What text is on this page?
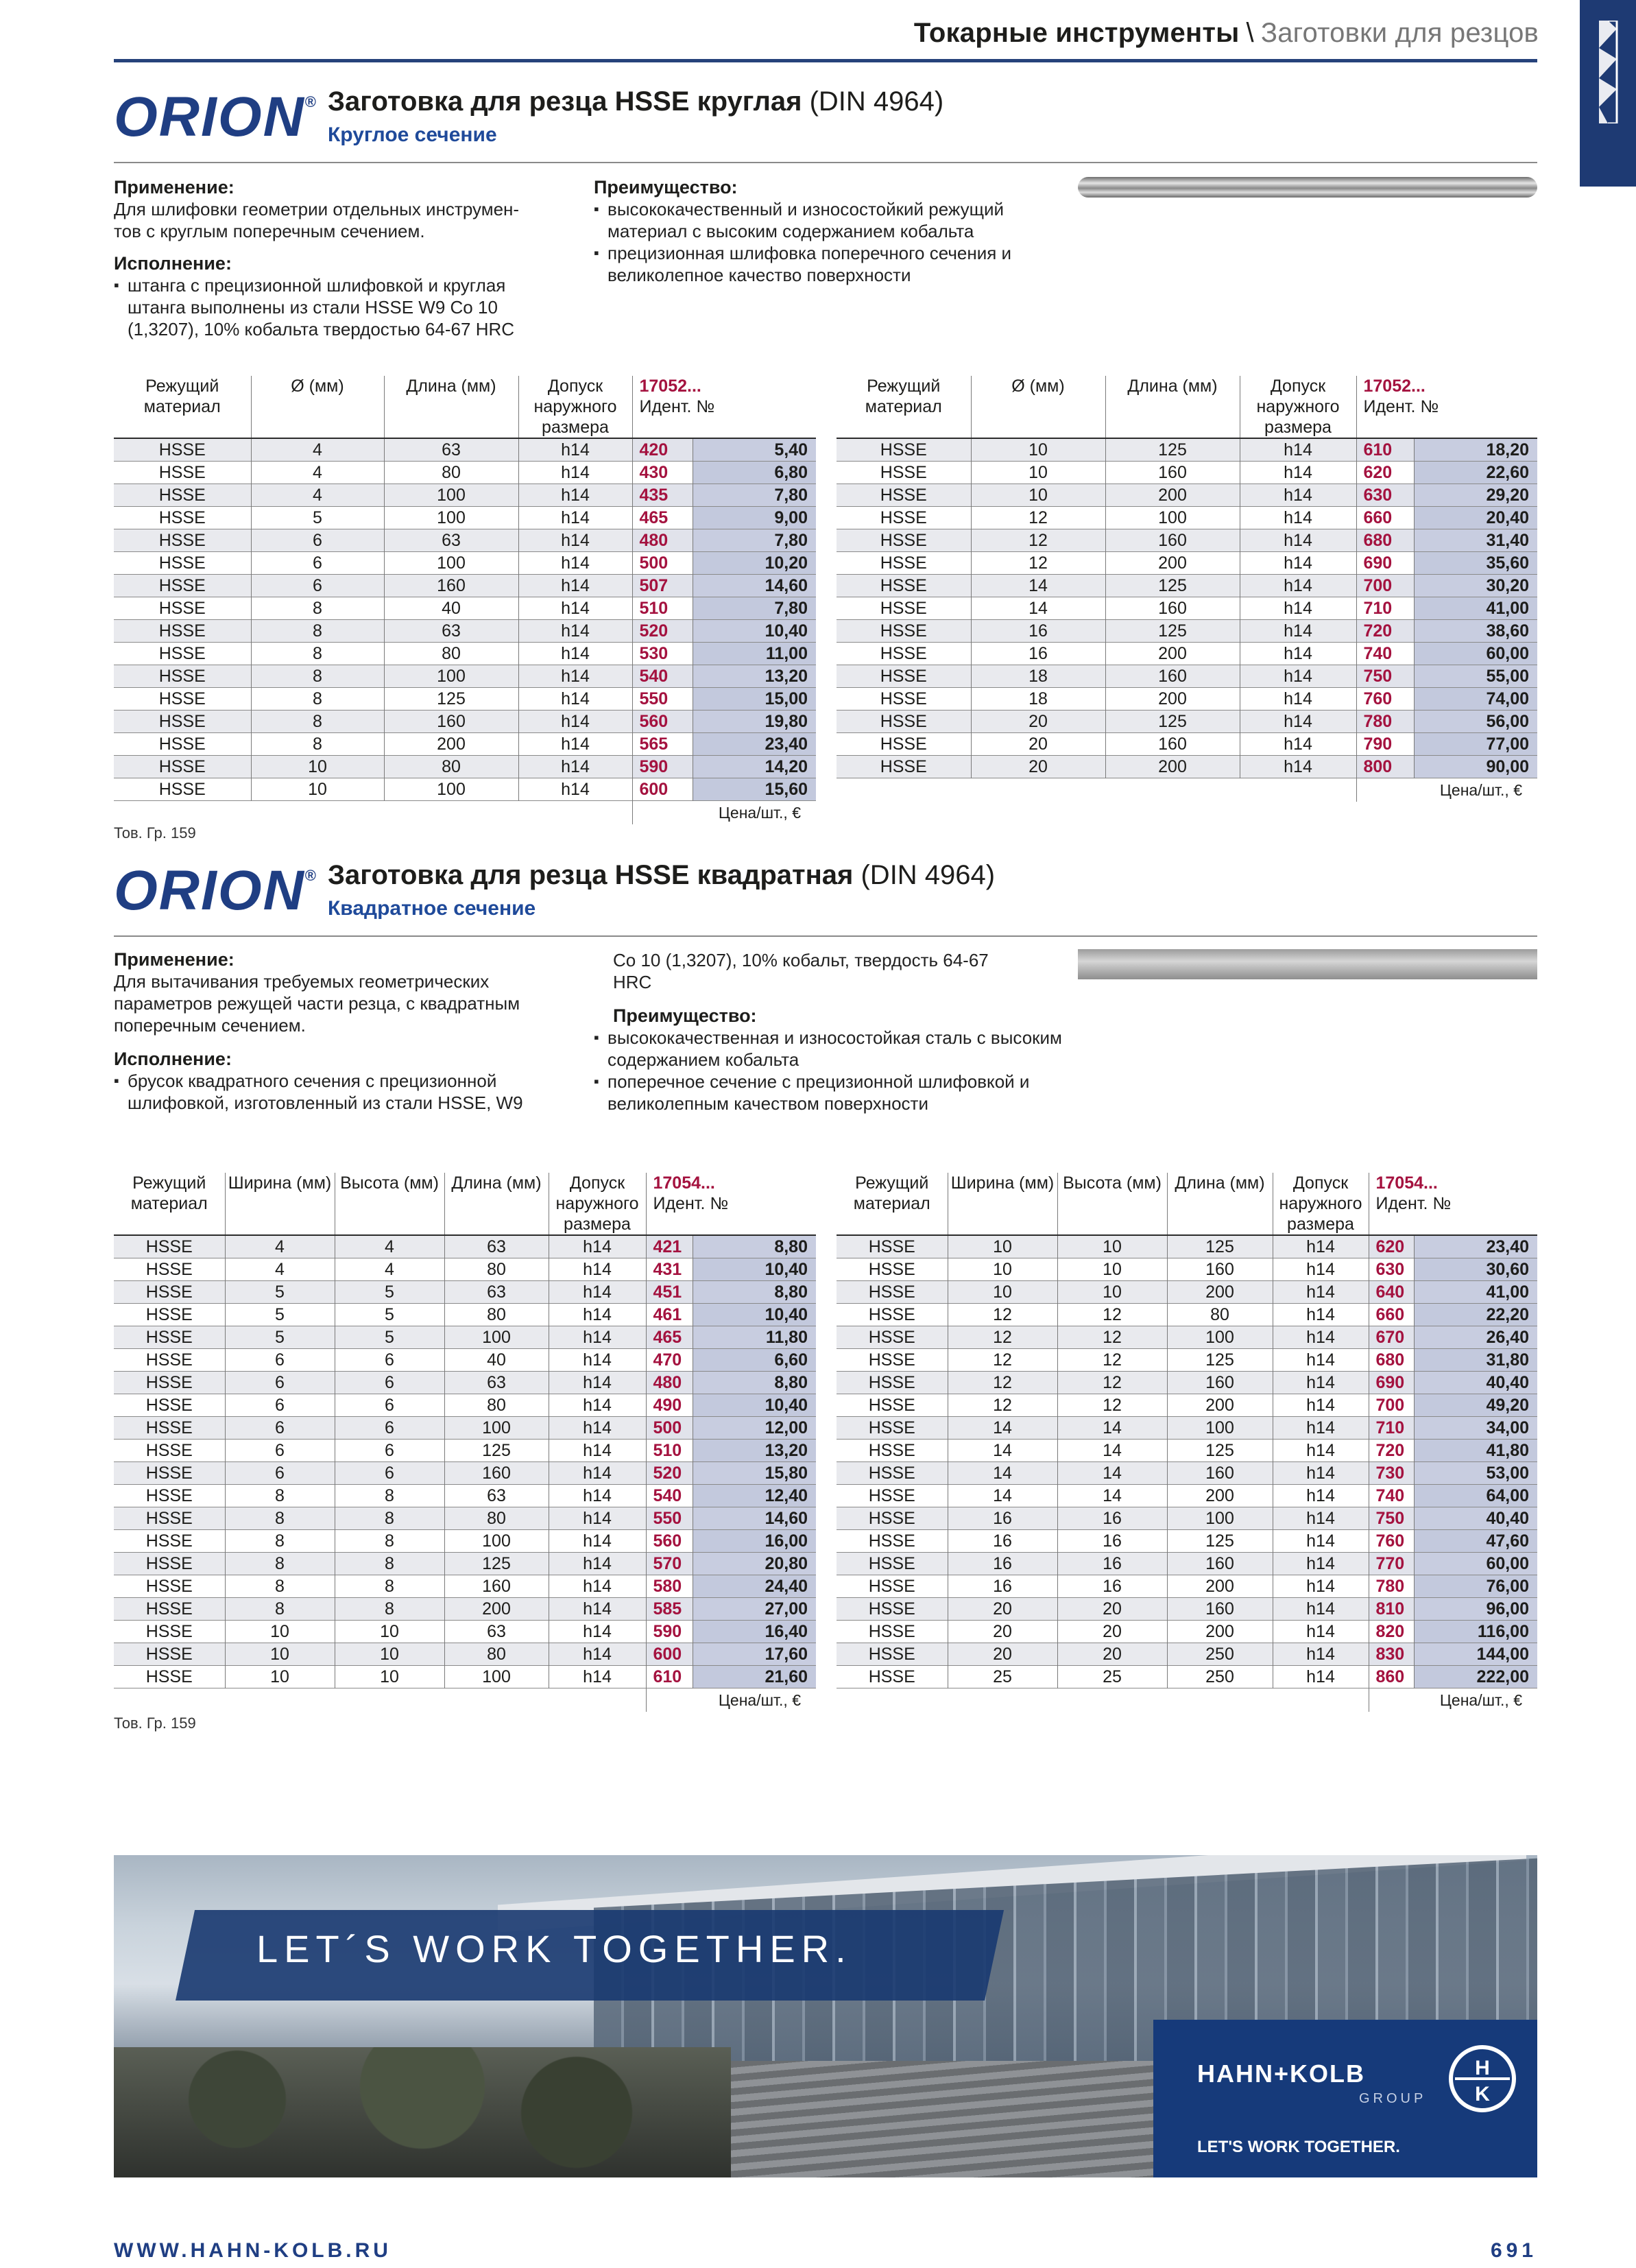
Токарные инструменты \ Заготовки для резцов
ORION® Заготовка для резца HSSE круглая (DIN 4964)
Круглое сечение
Применение:
Для шлифовки геометрии отдельных инструмен-
тов с круглым поперечным сечением.
Исполнение:
▪ штанга с прецизионной шлифовкой и круглая штанга выполнены из стали HSSE W9 Co 10 (1,3207), 10% кобальта твердостью 64-67 HRC
Преимущество:
▪ высококачественный и износостойкий режущий материал с высоким содержанием кобальта
▪ прецизионная шлифовка поперечного сечения и великолепное качество поверхности
Режущий материал	Ø (мм)	Длина (мм)	Допуск наружного размера	17052...
Идент. №	
HSSE	4	63	h14	420	5,40
HSSE	4	80	h14	430	6,80
HSSE	4	100	h14	435	7,80
HSSE	5	100	h14	465	9,00
HSSE	6	63	h14	480	7,80
HSSE	6	100	h14	500	10,20
HSSE	6	160	h14	507	14,60
HSSE	8	40	h14	510	7,80
HSSE	8	63	h14	520	10,40
HSSE	8	80	h14	530	11,00
HSSE	8	100	h14	540	13,20
HSSE	8	125	h14	550	15,00
HSSE	8	160	h14	560	19,80
HSSE	8	200	h14	565	23,40
HSSE	10	80	h14	590	14,20
HSSE	10	100	h14	600	15,60
				Цена/шт., €	
Режущий материал	Ø (мм)	Длина (мм)	Допуск наружного размера	17052...
Идент. №	
HSSE	10	125	h14	610	18,20
HSSE	10	160	h14	620	22,60
HSSE	10	200	h14	630	29,20
HSSE	12	100	h14	660	20,40
HSSE	12	160	h14	680	31,40
HSSE	12	200	h14	690	35,60
HSSE	14	125	h14	700	30,20
HSSE	14	160	h14	710	41,00
HSSE	16	125	h14	720	38,60
HSSE	16	200	h14	740	60,00
HSSE	18	160	h14	750	55,00
HSSE	18	200	h14	760	74,00
HSSE	20	125	h14	780	56,00
HSSE	20	160	h14	790	77,00
HSSE	20	200	h14	800	90,00
				Цена/шт., €	
Тов. Гр. 159
ORION® Заготовка для резца HSSE квадратная (DIN 4964)
Квадратное сечение
Применение:
Для вытачивания требуемых геометрических
параметров режущей части резца, с квадратным
поперечным сечением.
Исполнение:
▪ брусок квадратного сечения с прецизионной шлифовкой, изготовленный из стали HSSE, W9
Co 10 (1,3207), 10% кобальт, твердость 64-67
HRC
Преимущество:
▪ высококачественная и износостойкая сталь с высоким содержанием кобальта
▪ поперечное сечение с прецизионной шлифовкой и великолепным качеством поверхности
Режущий материал	Ширина (мм)	Высота (мм)	Длина (мм)	Допуск наружного размера	17054...
Идент. №	
HSSE	4	4	63	h14	421	8,80
HSSE	4	4	80	h14	431	10,40
HSSE	5	5	63	h14	451	8,80
HSSE	5	5	80	h14	461	10,40
HSSE	5	5	100	h14	465	11,80
HSSE	6	6	40	h14	470	6,60
HSSE	6	6	63	h14	480	8,80
HSSE	6	6	80	h14	490	10,40
HSSE	6	6	100	h14	500	12,00
HSSE	6	6	125	h14	510	13,20
HSSE	6	6	160	h14	520	15,80
HSSE	8	8	63	h14	540	12,40
HSSE	8	8	80	h14	550	14,60
HSSE	8	8	100	h14	560	16,00
HSSE	8	8	125	h14	570	20,80
HSSE	8	8	160	h14	580	24,40
HSSE	8	8	200	h14	585	27,00
HSSE	10	10	63	h14	590	16,40
HSSE	10	10	80	h14	600	17,60
HSSE	10	10	100	h14	610	21,60
					Цена/шт., €	
Режущий материал	Ширина (мм)	Высота (мм)	Длина (мм)	Допуск наружного размера	17054...
Идент. №	
HSSE	10	10	125	h14	620	23,40
HSSE	10	10	160	h14	630	30,60
HSSE	10	10	200	h14	640	41,00
HSSE	12	12	80	h14	660	22,20
HSSE	12	12	100	h14	670	26,40
HSSE	12	12	125	h14	680	31,80
HSSE	12	12	160	h14	690	40,40
HSSE	12	12	200	h14	700	49,20
HSSE	14	14	100	h14	710	34,00
HSSE	14	14	125	h14	720	41,80
HSSE	14	14	160	h14	730	53,00
HSSE	14	14	200	h14	740	64,00
HSSE	16	16	100	h14	750	40,40
HSSE	16	16	125	h14	760	47,60
HSSE	16	16	160	h14	770	60,00
HSSE	16	16	200	h14	780	76,00
HSSE	20	20	160	h14	810	96,00
HSSE	20	20	200	h14	820	116,00
HSSE	20	20	250	h14	830	144,00
HSSE	25	25	250	h14	860	222,00
					Цена/шт., €	
Тов. Гр. 159
LET´S WORK TOGETHER.
HAHN+KOLB
GROUP
H
K
LET'S WORK TOGETHER.
WWW.HAHN-KOLB.RU	691
